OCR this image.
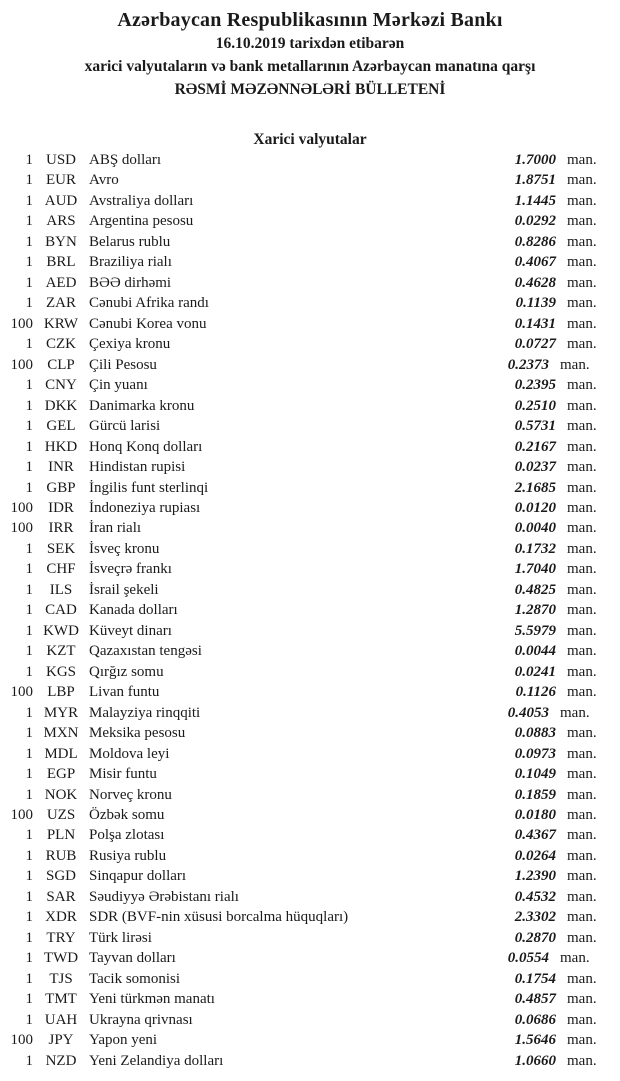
Azərbaycan Respublikasının Mərkəzi Bankı
16.10.2019 tarixdən etibarən
xarici valyutaların və bank metallarının Azərbaycan manatına qarşı
RƏSMİ MƏZƏNNƏLƏRİ BÜLLETENİ
Xarici valyutalar
1 USD ABŞ dolları	1.7000 man.
1 EUR Avro	1.8751 man.
1 AUD Avstraliya dolları	1.1445 man.
1 ARS Argentina pesosu	0.0292 man.
1 BYN Belarus rublu	0.8286 man.
1 BRL Braziliya rialı	0.4067 man.
1 AED BƏƏ dirhəmi	0.4628 man.
1 ZAR Cənubi Afrika randı	0.1139 man.
100 KRW Cənubi Korea vonu	0.1431 man.
1 CZK Çexiya kronu	0.0727 man.
100 CLP Çili Pesosu	0.2373 man.
1 CNY Çin yuanı	0.2395 man.
1 DKK Danimarka kronu	0.2510 man.
1 GEL Gürcü larisi	0.5731 man.
1 HKD Honq Konq dolları	0.2167 man.
1	INR	Hindistan rupisi	0.0237 man.
1 GBP İngilis funt sterlinqi	2.1685 man.
100	IDR	İndoneziya rupiası	0.0120 man.
100	IRR	İran rialı	0.0040 man.
1 SEK İsveç kronu	0.1732 man.
1 CHF İsveçrə frankı	1.7040 man.
1	ILS	İsrail şekeli	0.4825 man.
1 CAD Kanada dolları	1.2870 man.
1 KWD Küveyt dinarı	5.5979 man.
1 KZT Qazaxıstan tengəsi	0.0044 man.
1 KGS Qırğız somu	0.0241 man.
100 LBP Livan funtu	0.1126 man.
1 MYR Malayziya rinqqiti	0.4053 man.
1 MXN Meksika pesosu	0.0883 man.
1 MDL Moldova leyi	0.0973 man.
1 EGP Misir funtu	0.1049 man.
1 NOK Norveç kronu	0.1859 man.
100 UZS Özbək somu	0.0180 man.
1 PLN Polşa zlotası	0.4367 man.
1 RUB Rusiya rublu	0.0264 man.
1 SGD Sinqapur dolları	1.2390 man.
1 SAR Səudiyyə Ərəbistanı rialı	0.4532 man.
1 XDR SDR (BVF-nin xüsusi borcalma hüquqları)	2.3302 man.
1 TRY Türk lirəsi	0.2870 man.
1 TWD Tayvan dolları	0.0554 man.
1	TJS	Tacik somonisi	0.1754 man.
1 TMT Yeni türkmən manatı	0.4857 man.
1 UAH Ukrayna qrivnası	0.0686 man.
100	JPY	Yapon yeni	1.5646 man.
1 NZD Yeni Zelandiya dolları	1.0660 man.
